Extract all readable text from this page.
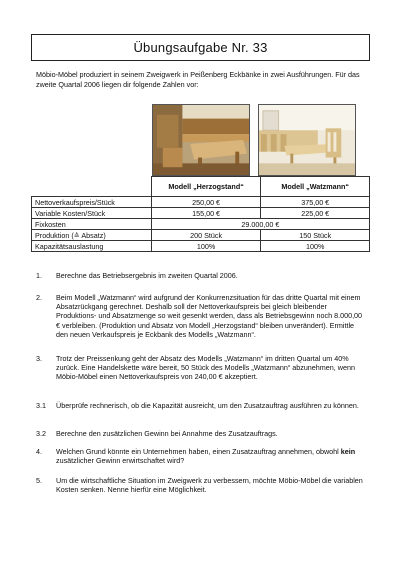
Übungsaufgabe Nr. 33
Möbio-Möbel produziert in seinem Zweigwerk in Peißenberg Eckbänke in zwei Ausführungen. Für das zweite Quartal 2006 liegen dir folgende Zahlen vor:
	Modell „Herzogstand“	Modell „Watzmann“
Nettoverkaufspreis/Stück	250,00 €	375,00 €
Variable Kosten/Stück	155,00 €	225,00 €
Fixkosten	29.000,00 €	
Produktion (≙ Absatz)	200 Stück	150 Stück
Kapazitätsauslastung	100%	100%
1.	Berechne das Betriebsergebnis im zweiten Quartal 2006.
2.	Beim Modell „Watzmann“ wird aufgrund der Konkurrenzsituation für das dritte Quartal mit einem Absatzrückgang gerechnet. Deshalb soll der Nettoverkaufspreis bei gleich bleibender Produktions- und Absatzmenge so weit gesenkt werden, dass als Betriebsgewinn noch 8.000,00 € verbleiben. (Produktion und Absatz von Modell „Herzogstand“ bleiben unverändert). Ermittle den neuen Verkaufspreis je Eckbank des Modells „Watzmann“.
3.	Trotz der Preissenkung geht der Absatz des Modells „Watzmann“ im dritten Quartal um 40% zurück. Eine Handelskette wäre bereit, 50 Stück des Modells „Watzmann“ abzunehmen, wenn Möbio-Möbel einen Nettoverkaufspreis von 240,00 € akzeptiert.
3.1	Überprüfe rechnerisch, ob die Kapazität ausreicht, um den Zusatzauftrag ausführen zu können.
3.2	Berechne den zusätzlichen Gewinn bei Annahme des Zusatzauftrags.
4.	Welchen Grund könnte ein Unternehmen haben, einen Zusatzauftrag annehmen, obwohl kein zusätzlicher Gewinn erwirtschaftet wird?
5.	Um die wirtschaftliche Situation im Zweigwerk zu verbessern, möchte Möbio-Möbel die variablen Kosten senken. Nenne hierfür eine Möglichkeit.
